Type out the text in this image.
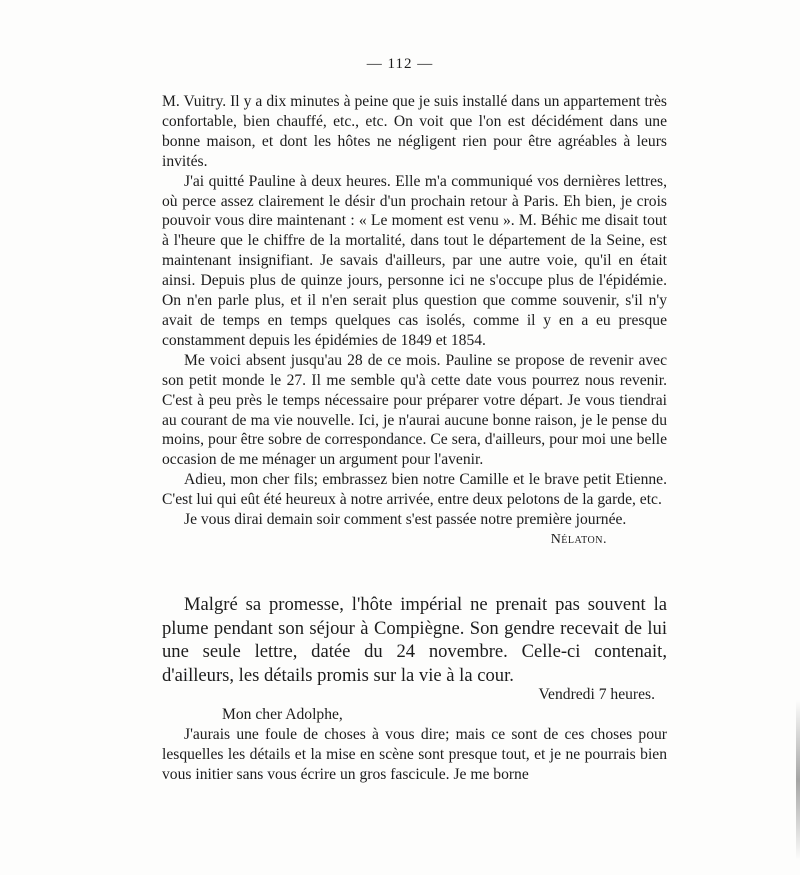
— 112 —

M. Vuitry. Il y a dix minutes à peine que je suis installé dans un appartement très confortable, bien chauffé, etc., etc. On voit que l'on est décidément dans une bonne maison, et dont les hôtes ne négligent rien pour être agréables à leurs invités.

J'ai quitté Pauline à deux heures. Elle m'a communiqué vos dernières lettres, où perce assez clairement le désir d'un prochain retour à Paris. Eh bien, je crois pouvoir vous dire maintenant : « Le moment est venu ». M. Béhic me disait tout à l'heure que le chiffre de la mortalité, dans tout le département de la Seine, est maintenant insignifiant. Je savais d'ailleurs, par une autre voie, qu'il en était ainsi. Depuis plus de quinze jours, personne ici ne s'occupe plus de l'épidémie. On n'en parle plus, et il n'en serait plus question que comme souvenir, s'il n'y avait de temps en temps quelques cas isolés, comme il y en a eu presque constamment depuis les épidémies de 1849 et 1854.

Me voici absent jusqu'au 28 de ce mois. Pauline se propose de revenir avec son petit monde le 27. Il me semble qu'à cette date vous pourrez nous revenir. C'est à peu près le temps nécessaire pour préparer votre départ. Je vous tiendrai au courant de ma vie nouvelle. Ici, je n'aurai aucune bonne raison, je le pense du moins, pour être sobre de correspondance. Ce sera, d'ailleurs, pour moi une belle occasion de me ménager un argument pour l'avenir.

Adieu, mon cher fils; embrassez bien notre Camille et le brave petit Etienne. C'est lui qui eût été heureux à notre arrivée, entre deux pelotons de la garde, etc.

Je vous dirai demain soir comment s'est passée notre première journée.

Nélaton.

Malgré sa promesse, l'hôte impérial ne prenait pas souvent la plume pendant son séjour à Compiègne. Son gendre recevait de lui une seule lettre, datée du 24 novembre. Celle-ci contenait, d'ailleurs, les détails promis sur la vie à la cour.

Vendredi 7 heures.

Mon cher Adolphe,

J'aurais une foule de choses à vous dire; mais ce sont de ces choses pour lesquelles les détails et la mise en scène sont presque tout, et je ne pourrais bien vous initier sans vous écrire un gros fascicule. Je me borne
